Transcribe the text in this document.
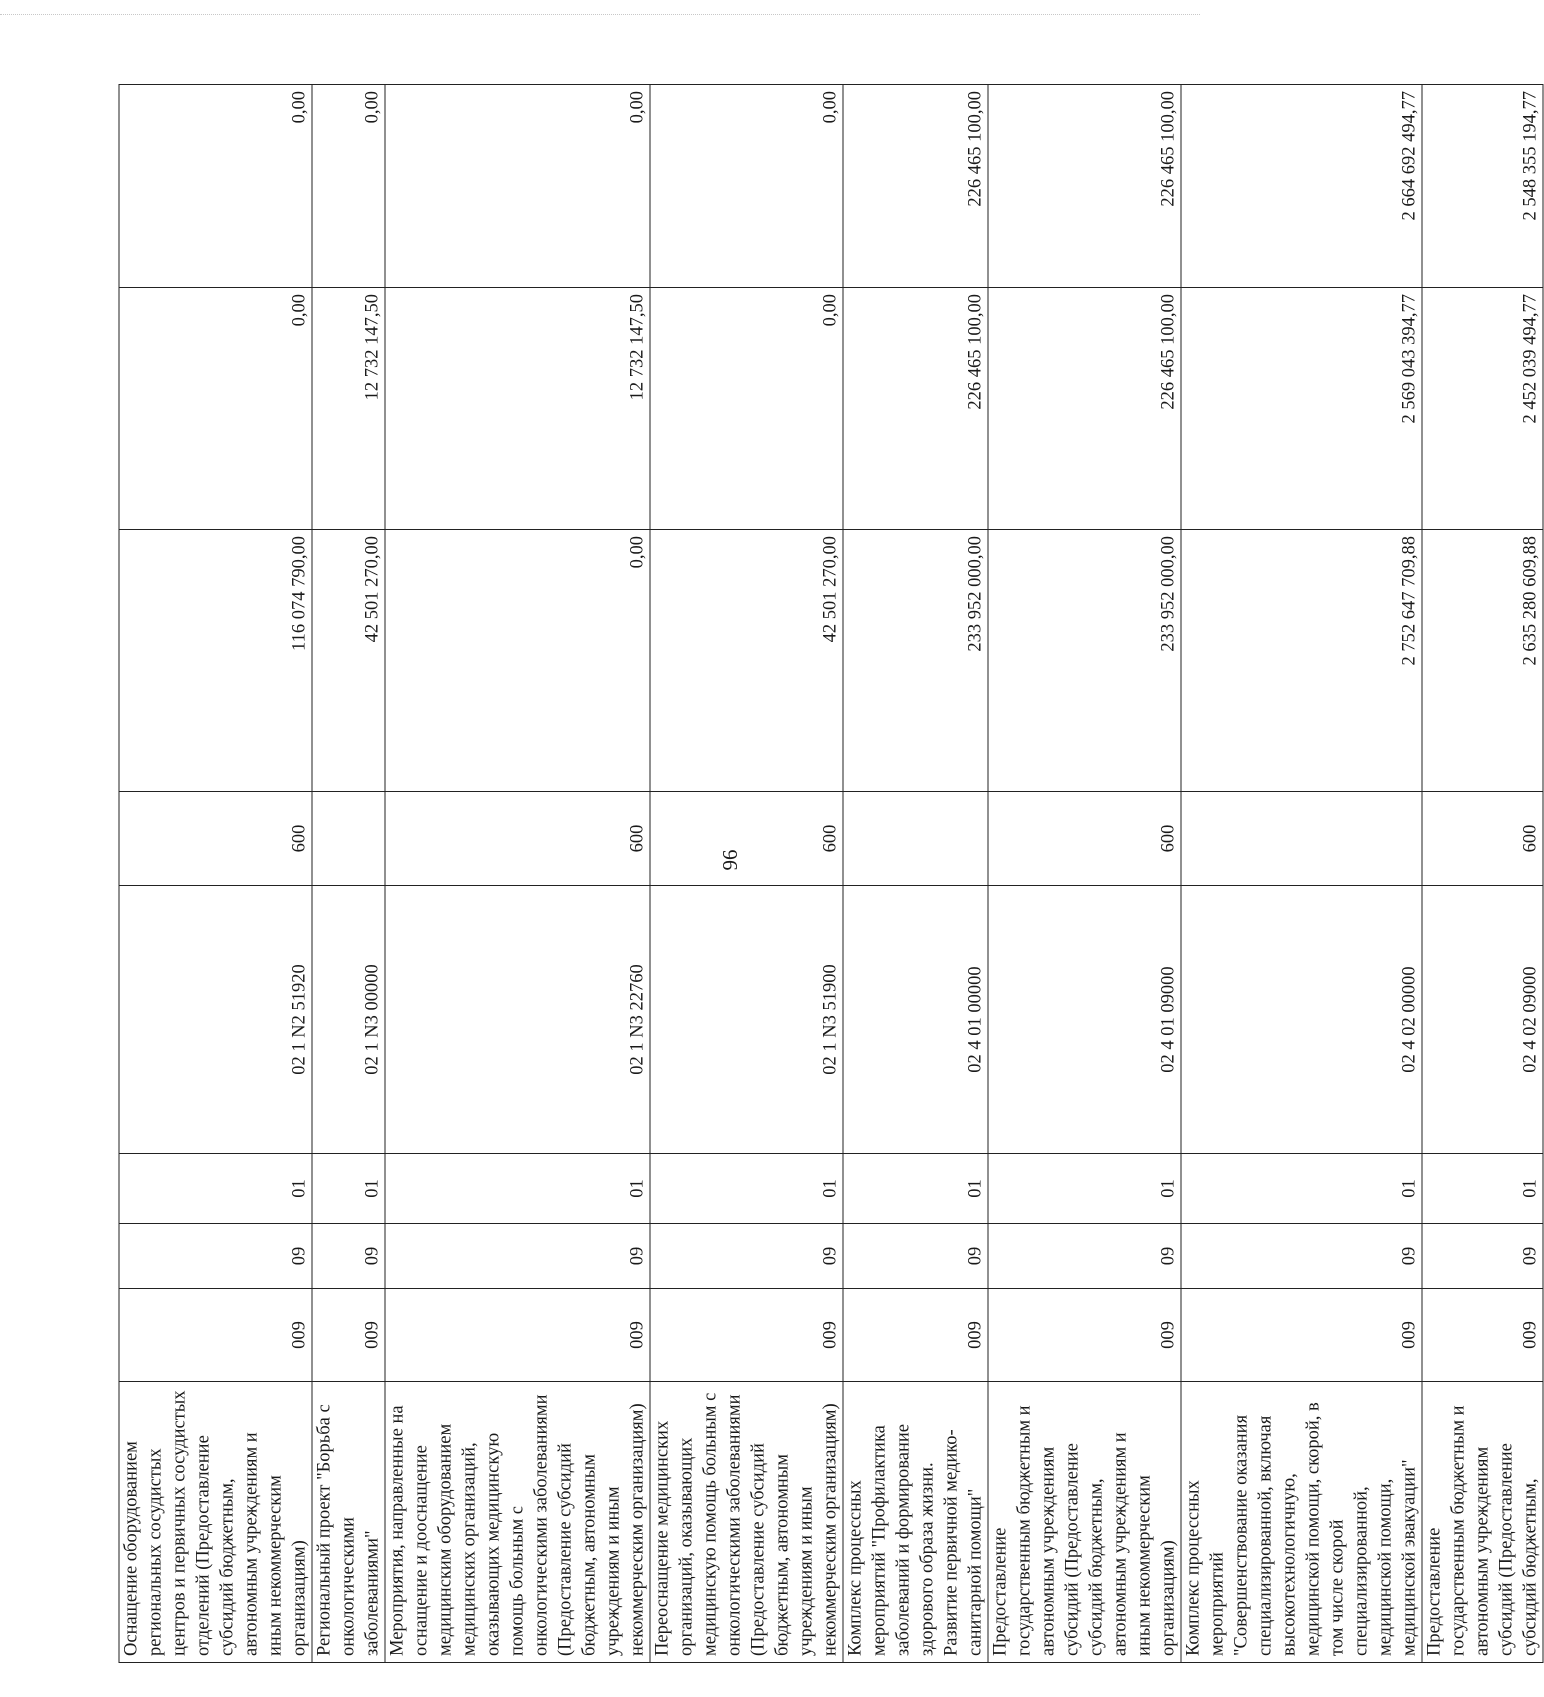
96
Оснащение оборудованием региональных сосудистых центров и первичных сосудистых отделений (Предоставление субсидий бюджетным, автономным учреждениям и иным некоммерческим организациям)	009	09	01	02 1 N2 51920	600	116 074 790,00	0,00	0,00
Региональный проект "Борьба с онкологическими заболеваниями"	009	09	01	02 1 N3 00000		42 501 270,00	12 732 147,50	0,00
Мероприятия, направленные на оснащение и дооснащение медицинским оборудованием медицинских организаций, оказывающих медицинскую помощь больным с онкологическими заболеваниями (Предоставление субсидий бюджетным, автономным учреждениям и иным некоммерческим организациям)	009	09	01	02 1 N3 22760	600	0,00	12 732 147,50	0,00
Переоснащение медицинских организаций, оказывающих медицинскую помощь больным с онкологическими заболеваниями (Предоставление субсидий бюджетным, автономным учреждениям и иным некоммерческим организациям)	009	09	01	02 1 N3 51900	600	42 501 270,00	0,00	0,00
Комплекс процессных мероприятий "Профилактика заболеваний и формирование здорового образа жизни. Развитие первичной медико-санитарной помощи"	009	09	01	02 4 01 00000		233 952 000,00	226 465 100,00	226 465 100,00
Предоставление государственным бюджетным и автономным учреждениям субсидий (Предоставление субсидий бюджетным, автономным учреждениям и иным некоммерческим организациям)	009	09	01	02 4 01 09000	600	233 952 000,00	226 465 100,00	226 465 100,00
Комплекс процессных мероприятий "Совершенствование оказания специализированной, включая высокотехнологичную, медицинской помощи, скорой, в том числе скорой специализированной, медицинской помощи, медицинской эвакуации"	009	09	01	02 4 02 00000		2 752 647 709,88	2 569 043 394,77	2 664 692 494,77
Предоставление государственным бюджетным и автономным учреждениям субсидий (Предоставление субсидий бюджетным,	009	09	01	02 4 02 09000	600	2 635 280 609,88	2 452 039 494,77	2 548 355 194,77
